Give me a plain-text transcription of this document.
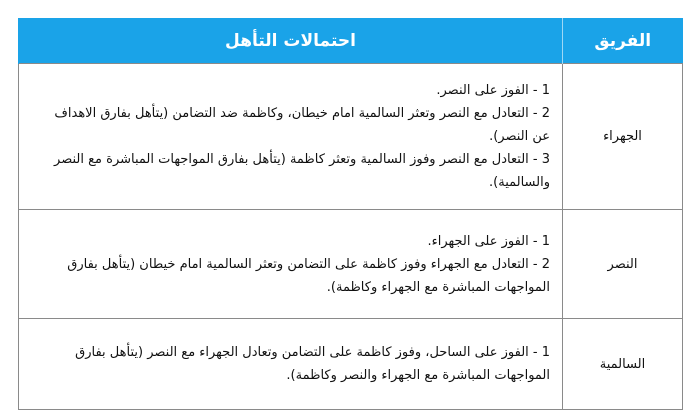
الفريق	احتمالات التأهل
الجهراء	1 - الفوز على النصر.
2 - التعادل مع النصر وتعثر السالمية امام خيطان، وكاظمة ضد التضامن (يتأهل بفارق الاهداف عن النصر).
3 - التعادل مع النصر وفوز السالمية وتعثر كاظمة (يتأهل بفارق المواجهات المباشرة مع النصر والسالمية).

النصر	1 - الفوز على الجهراء.
2 - التعادل مع الجهراء وفوز كاظمة على التضامن وتعثر السالمية امام خيطان (يتأهل بفارق المواجهات المباشرة مع الجهراء وكاظمة).

السالمية	1 - الفوز على الساحل، وفوز كاظمة على التضامن وتعادل الجهراء مع النصر (يتأهل بفارق المواجهات المباشرة مع الجهراء والنصر وكاظمة).
